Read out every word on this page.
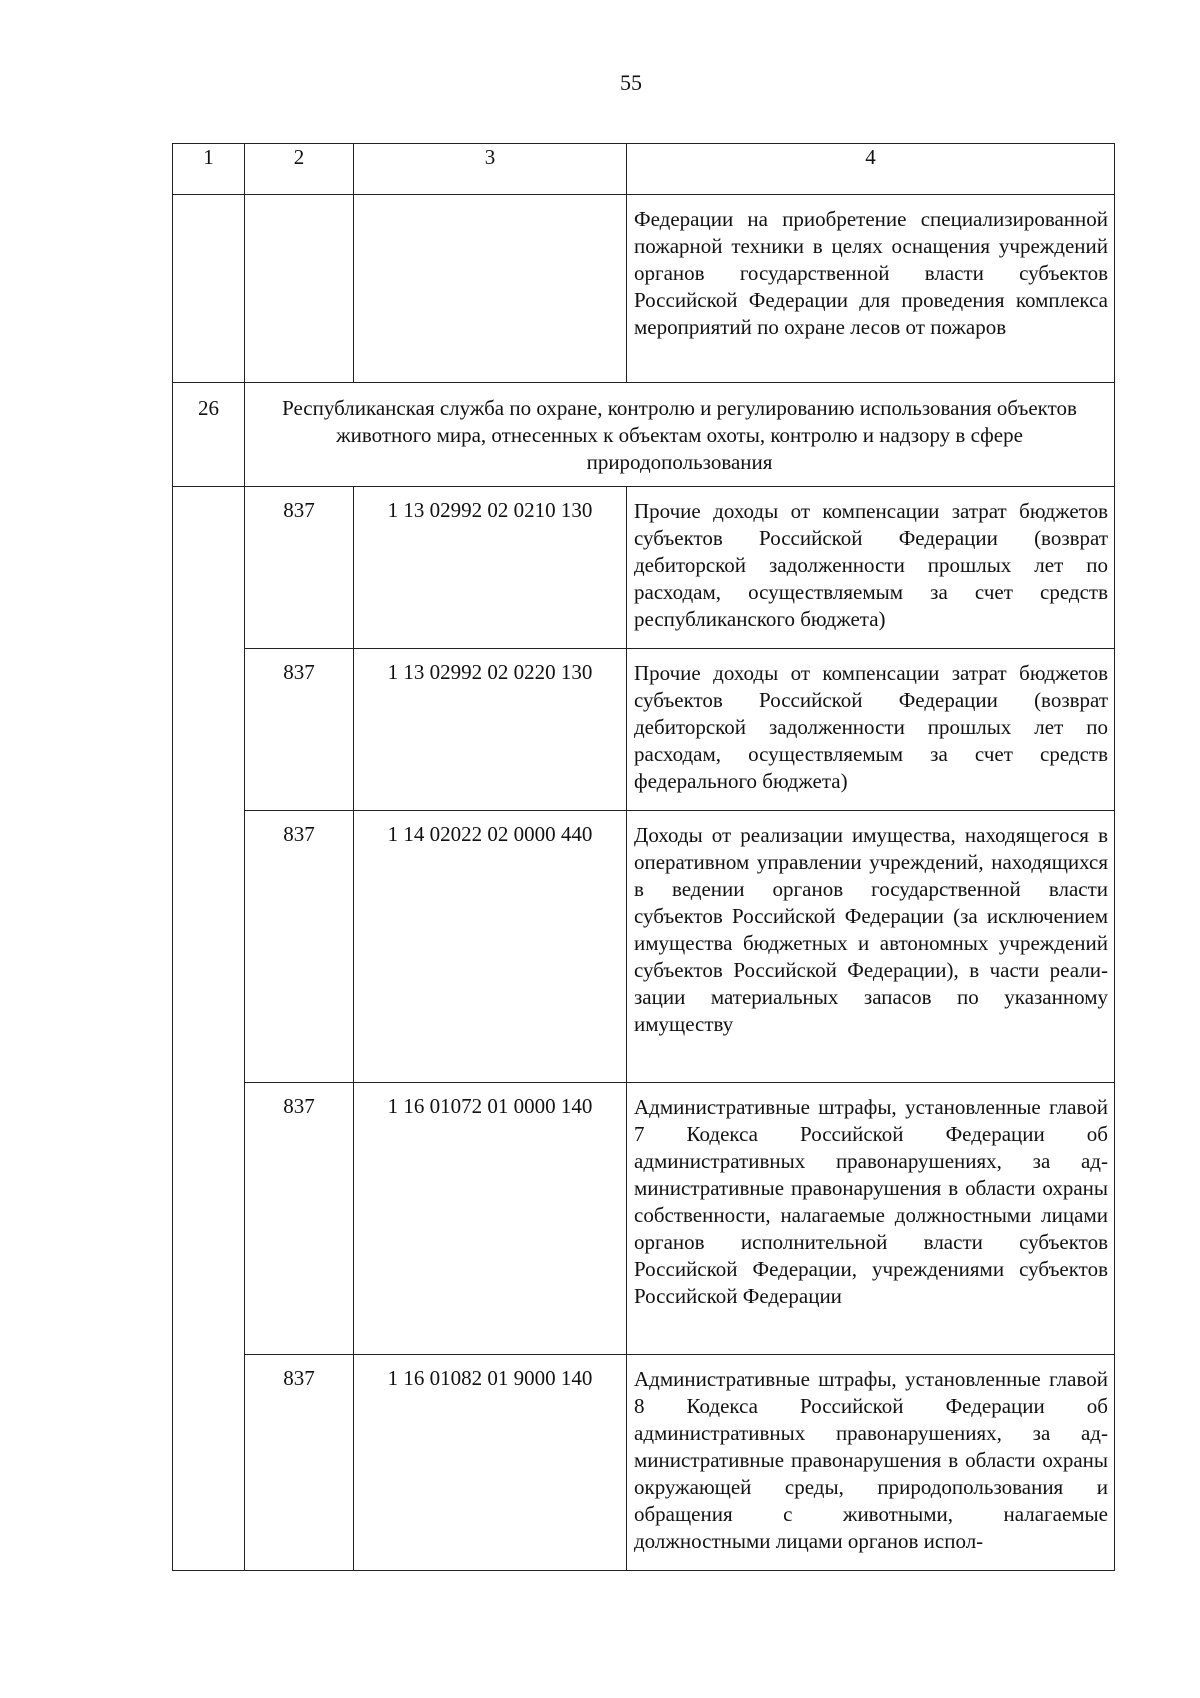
55
1	2	3	4
			Федерации на приобретение специализированной пожарной техники в целях оснащения учреждений органов государственной власти субъектов Российской Федерации для проведения комплекса мероприятий по охране лесов от пожаров
26	Республиканская служба по охране, контролю и регулированию использования объектов животного мира, отнесенных к объектам охоты, контролю и надзору в сфере природопользования		
	837	1 13 02992 02 0210 130	Прочие доходы от компенсации затрат бюджетов субъектов Российской Федерации (возврат дебиторской задолженности прошлых лет по расходам, осуществляемым за счет средств республиканского бюджета)
	837	1 13 02992 02 0220 130	Прочие доходы от компенсации затрат бюджетов субъектов Российской Федерации (возврат дебиторской задолженности прошлых лет по расходам, осуществляемым за счет средств федерального бюджета)
	837	1 14 02022 02 0000 440	Доходы от реализации имущества, находящегося в оперативном управлении учреждений, находящихся в ведении органов государственной власти субъектов Российской Федерации (за исключением имущества бюджетных и автономных учреждений субъектов Российской Федерации), в части реализации материальных запасов по указанному имуществу
	837	1 16 01072 01 0000 140	Административные штрафы, установленные главой 7 Кодекса Российской Федерации об административных правонарушениях, за административные правонарушения в области охраны собственности, налагаемые должностными лицами органов исполнительной власти субъектов Российской Федерации, учреждениями субъектов Российской Федерации
	837	1 16 01082 01 9000 140	Административные штрафы, установленные главой 8 Кодекса Российской Федерации об административных правонарушениях, за административные правонарушения в области охраны окружающей среды, природопользования и обращения с животными, налагаемые должностными лицами органов испол-
